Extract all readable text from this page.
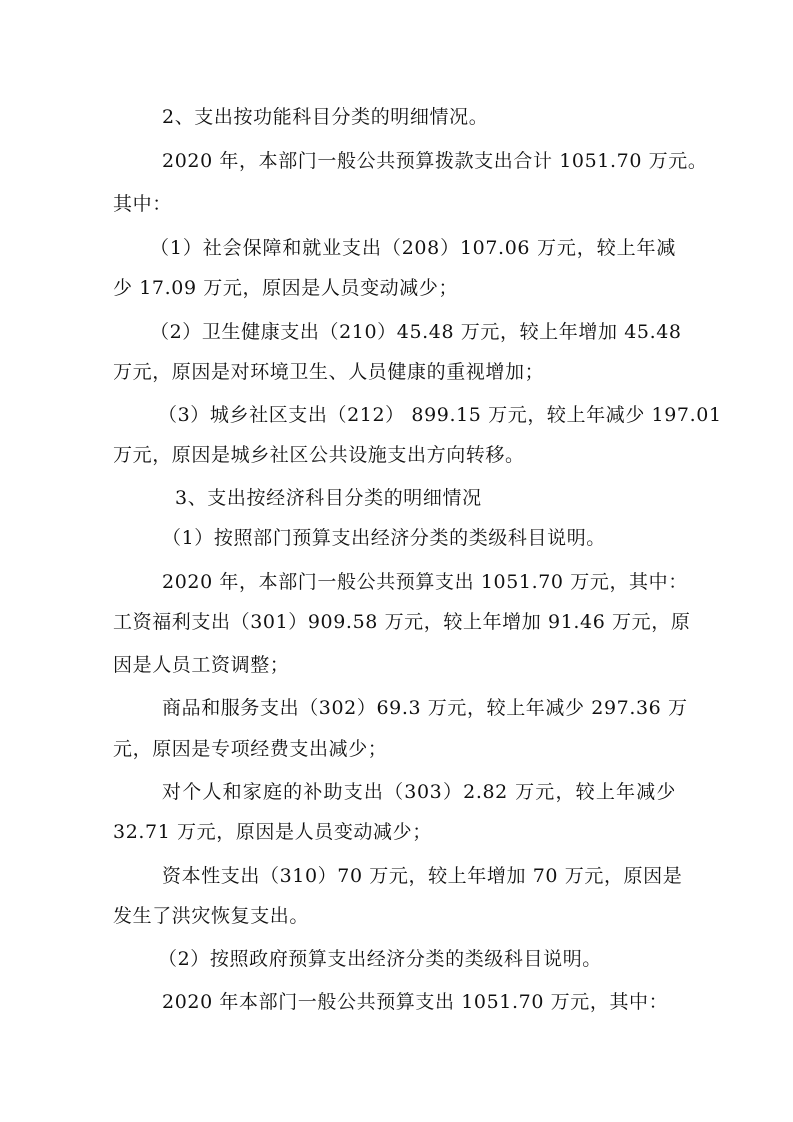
2、支出按功能科目分类的明细情况。
2020 年，本部门一般公共预算拨款支出合计 1051.70 万元。
其中：
（1）社会保障和就业支出（208）107.06 万元，较上年减
少 17.09 万元，原因是人员变动减少；
（2）卫生健康支出（210）45.48 万元，较上年增加 45.48
万元，原因是对环境卫生、人员健康的重视增加；
（3）城乡社区支出（212） 899.15 万元，较上年减少 197.01
万元，原因是城乡社区公共设施支出方向转移。
3、支出按经济科目分类的明细情况
（1）按照部门预算支出经济分类的类级科目说明。
2020 年，本部门一般公共预算支出 1051.70 万元，其中：
工资福利支出（301）909.58 万元，较上年增加 91.46 万元，原
因是人员工资调整；
商品和服务支出（302）69.3 万元，较上年减少 297.36 万
元，原因是专项经费支出减少；
对个人和家庭的补助支出（303）2.82 万元，较上年减少
32.71 万元，原因是人员变动减少；
资本性支出（310）70 万元，较上年增加 70 万元，原因是
发生了洪灾恢复支出。
（2）按照政府预算支出经济分类的类级科目说明。
2020 年本部门一般公共预算支出 1051.70 万元，其中：
